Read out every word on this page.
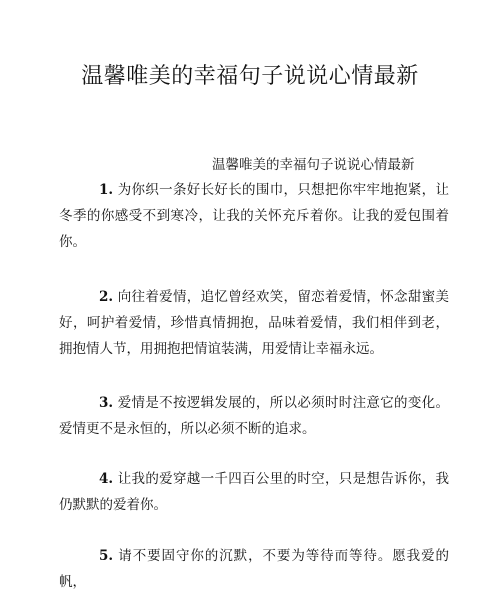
温馨唯美的幸福句子说说心情最新

温馨唯美的幸福句子说说心情最新

1. 为你织一条好长好长的围巾，只想把你牢牢地抱紧，让冬季的你感受不到寒冷，让我的关怀充斥着你。让我的爱包围着你。

2. 向往着爱情，追忆曾经欢笑，留恋着爱情，怀念甜蜜美好，呵护着爱情，珍惜真情拥抱，品味着爱情，我们相伴到老，拥抱情人节，用拥抱把情谊装满，用爱情让幸福永远。

3. 爱情是不按逻辑发展的，所以必须时时注意它的变化。爱情更不是永恒的，所以必须不断的追求。

4. 让我的爱穿越一千四百公里的时空，只是想告诉你，我仍默默的爱着你。

5. 请不要固守你的沉默，不要为等待而等待。愿我爱的帆，
